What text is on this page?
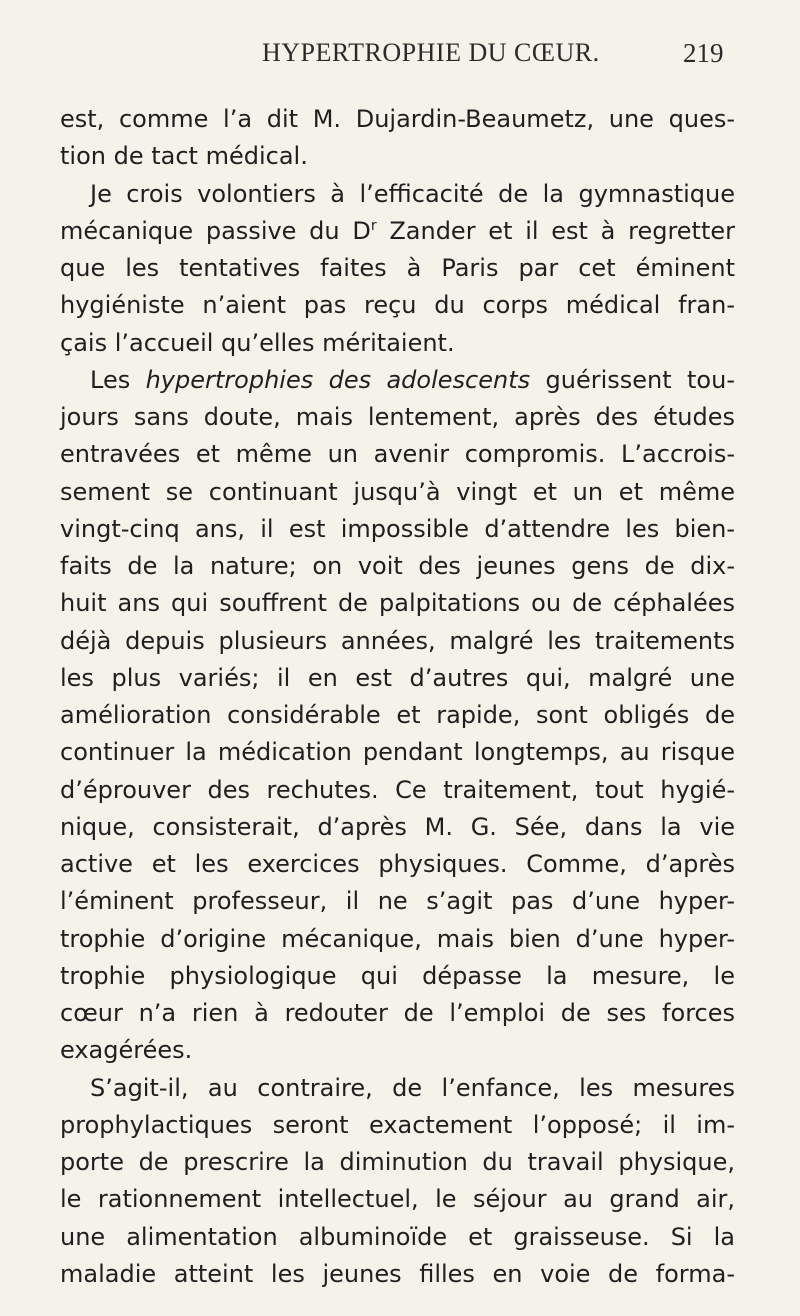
HYPERTROPHIE DU CŒUR.	219
est, comme l’a dit M. Dujardin-Beaumetz, une ques-
tion de tact médical.
Je crois volontiers à l’efficacité de la gymnastique
mécanique passive du $D^r$ Zander et il est à regretter
que les tentatives faites à Paris par cet éminent
hygiéniste n’aient pas reçu du corps médical fran-
çais l’accueil qu’elles méritaient.
Les hypertrophies des adolescents guérissent tou-
jours sans doute, mais lentement, après des études
entravées et même un avenir compromis. L’accrois-
sement se continuant jusqu’à vingt et un et même
vingt-cinq ans, il est impossible d’attendre les bien-
faits de la nature; on voit des jeunes gens de dix-
huit ans qui souffrent de palpitations ou de céphalées
déjà depuis plusieurs années, malgré les traitements
les plus variés; il en est d’autres qui, malgré une
amélioration considérable et rapide, sont obligés de
continuer la médication pendant longtemps, au risque
d’éprouver des rechutes. Ce traitement, tout hygié-
nique, consisterait, d’après M. G. Sée, dans la vie
active et les exercices physiques. Comme, d’après
l’éminent professeur, il ne s’agit pas d’une hyper-
trophie d’origine mécanique, mais bien d’une hyper-
trophie physiologique qui dépasse la mesure, le
cœur n’a rien à redouter de l’emploi de ses forces
exagérées.
S’agit-il, au contraire, de l’enfance, les mesures
prophylactiques seront exactement l’opposé; il im-
porte de prescrire la diminution du travail physique,
le rationnement intellectuel, le séjour au grand air,
une alimentation albuminoïde et graisseuse. Si la
maladie atteint les jeunes filles en voie de forma-
